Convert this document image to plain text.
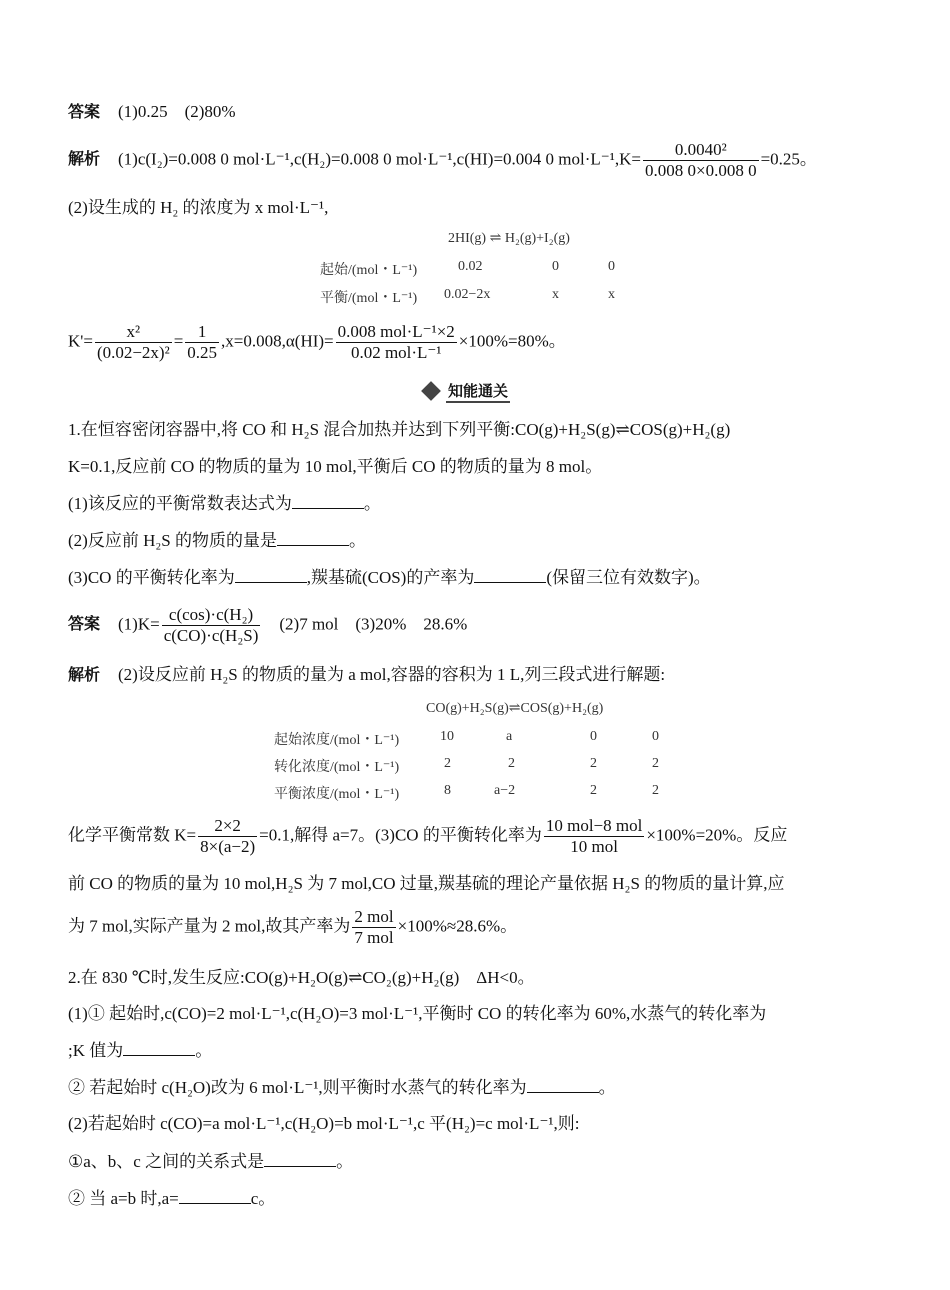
答案 (1)0.25　(2)80%
解析 (1)c(I₂)=0.008 0 mol·L⁻¹,c(H₂)=0.008 0 mol·L⁻¹,c(HI)=0.004 0 $mol\cdot L^{-1},K= \frac{\text{0.0040²}}{0.008 0\times 0.008 0} =0.25$。
(2)设生成的 H₂ 的浓度为 x mol·L⁻¹,
2HI(g) ⇌ H₂(g)+I₂(g)
起始/(mol・L⁻¹)	0.02	0	0
平衡/(mol・L⁻¹) 0.02−2x	x	x
$K'= \frac{\text{x²}}{\text{(0.02−2x)²}} = \frac{1}{0.25} ,x=0.008,\alpha(HI)= \frac{\text{0.008 mol·L⁻¹×2}}{\text{0.02 mol·L⁻¹}} \times 100\%=80\%$。
知能通关
1.在恒容密闭容器中,将 CO 和 H₂S 混合加热并达到下列平衡:CO(g)+H₂S(g)⇌COS(g)+H₂(g)
K=0.1,反应前 CO 的物质的量为 10 mol,平衡后 CO 的物质的量为 8 mol。
(1)该反应的平衡常数表达式为	。
(2)反应前 H₂S 的物质的量是	。
(3)CO 的平衡转化率为	,羰基硫(COS)的产率为	(保留三位有效数字)。
答案 $(1)K= \frac{\text{c(cos)·c(H₂)}}{\text{c(CO)·c(H₂S)}}$ 　(2)7 mol　(3)20%　28.6%
解析 (2)设反应前 H₂S 的物质的量为 a mol,容器的容积为 1 L,列三段式进行解题:
CO(g)+H₂S(g)⇌COS(g)+H₂(g)
起始浓度/(mol・L⁻¹)	10	a	0	0
转化浓度/(mol・L⁻¹)	2	2	2	2
平衡浓度/(mol・L⁻¹)	8	a−2	2	2
化学平衡常数 $K= \frac{2\times 2}{8\times(a-2)} =0.1$,解得 a=7。(3)CO 的平衡转化率为 $\frac{\text{10 mol−8 mol}}{\text{10 mol}} \times 100\%=20\%$。反应
前 CO 的物质的量为 10 mol,H₂S 为 7 mol,CO 过量,羰基硫的理论产量依据 H₂S 的物质的量计算,应
为 7 mol,实际产量为 2 mol,故其产率为 $\frac{\text{2 mol}}{\text{7 mol}} \times 100\%\approx 28.6\%$。
2.在 830 ℃时,发生反应:CO(g)+H₂O(g)⇌CO₂(g)+H₂(g)　ΔH<0。
(1)① 起始时,c(CO)=2 mol·L⁻¹,c(H₂O)=3 mol·L⁻¹,平衡时 CO 的转化率为 60%,水蒸气的转化率为
;K 值为	。
② 若起始时 c(H₂O)改为 6 mol·L⁻¹,则平衡时水蒸气的转化率为	。
(2)若起始时 c(CO)=a mol·L⁻¹,c(H₂O)=b mol·L⁻¹,c 平(H₂)=c mol·L⁻¹,则:
①a、b、c 之间的关系式是	。
② 当 a=b 时,a=	c。
